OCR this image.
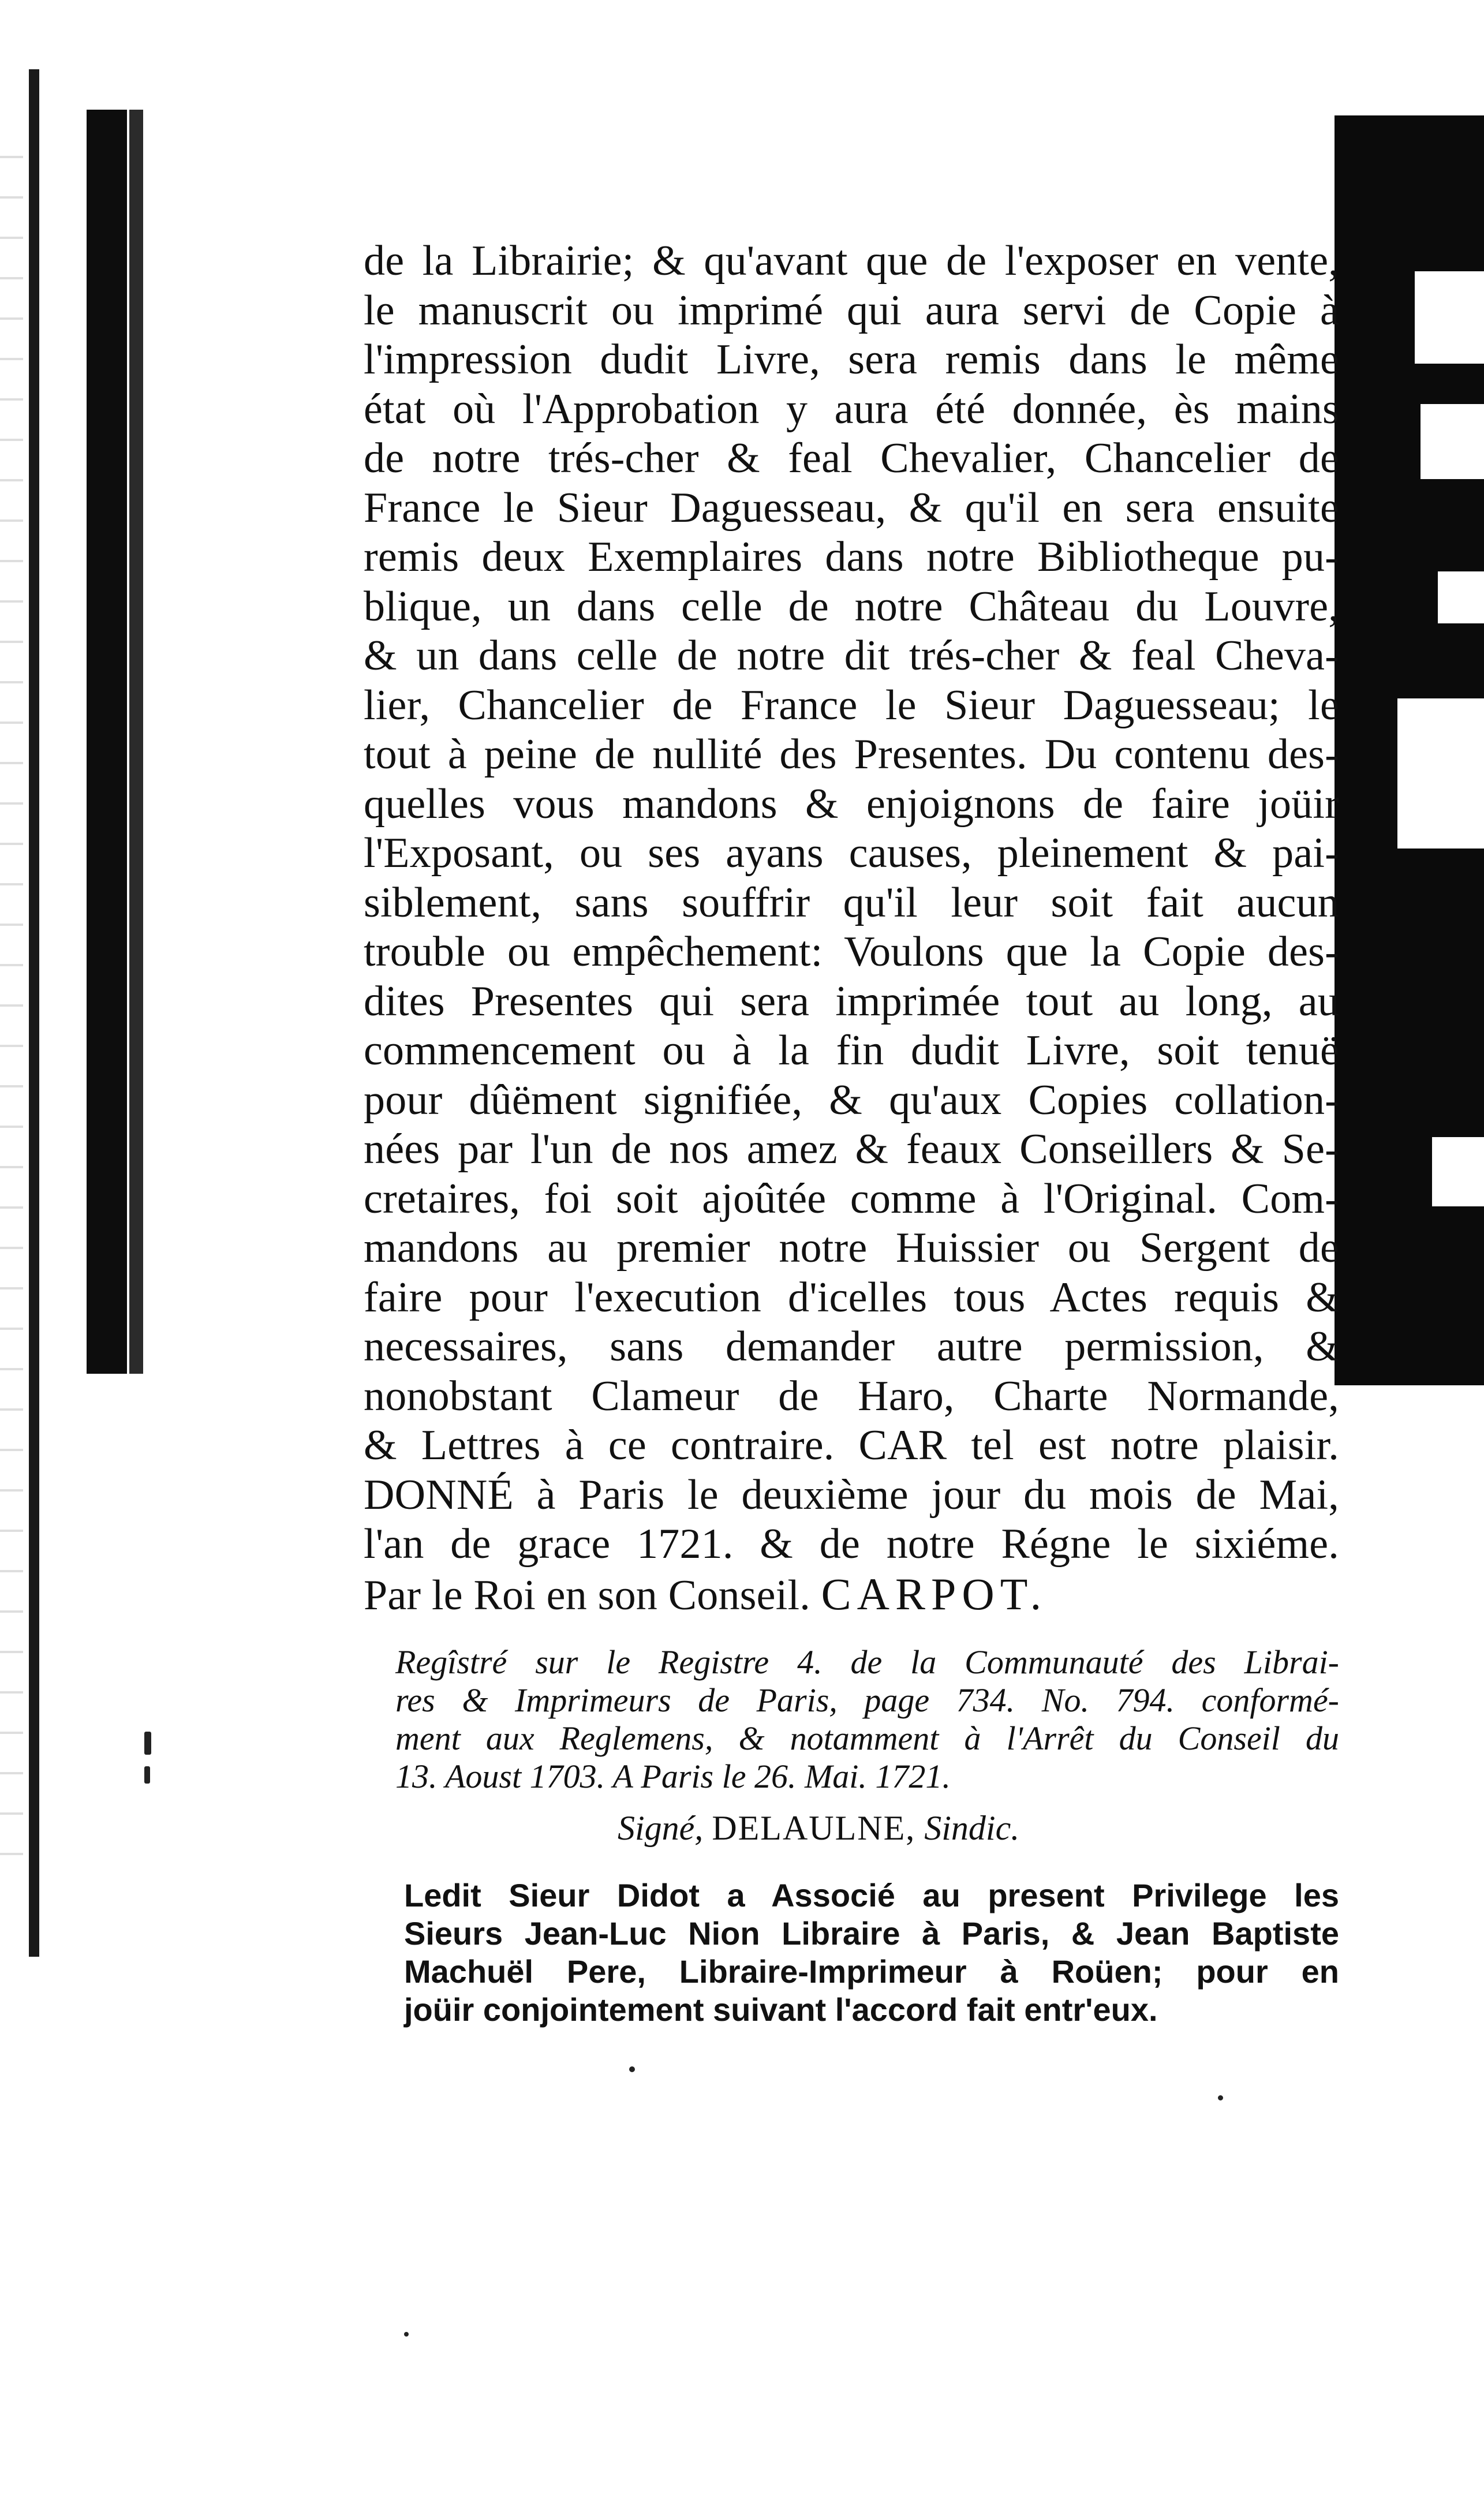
de la Librairie; & qu'avant que de l'exposer en vente,

le manuscrit ou imprimé qui aura servi de Copie à

l'impression dudit Livre, sera remis dans le même

état où l'Approbation y aura été donnée, ès mains

de notre trés-cher & feal Chevalier, Chancelier de

France le Sieur Daguesseau, & qu'il en sera ensuite

remis deux Exemplaires dans notre Bibliotheque pu-

blique, un dans celle de notre Château du Louvre,

& un dans celle de notre dit trés-cher & feal Cheva-

lier, Chancelier de France le Sieur Daguesseau; le

tout à peine de nullité des Presentes. Du contenu des-

quelles vous mandons & enjoignons de faire joüir

l'Exposant, ou ses ayans causes, pleinement & pai-

siblement, sans souffrir qu'il leur soit fait aucun

trouble ou empêchement: Voulons que la Copie des-

dites Presentes qui sera imprimée tout au long, au

commencement ou à la fin dudit Livre, soit tenuë

pour dûëment signifiée, & qu'aux Copies collation-

nées par l'un de nos amez & feaux Conseillers & Se-

cretaires, foi soit ajoûtée comme à l'Original. Com-

mandons au premier notre Huissier ou Sergent de

faire pour l'execution d'icelles tous Actes requis &

necessaires, sans demander autre permission, &

nonobstant Clameur de Haro, Charte Normande,

& Lettres à ce contraire. CAR tel est notre plaisir.

DONNÉ à Paris le deuxième jour du mois de Mai,

l'an de grace 1721. & de notre Régne le sixiéme.

Par le Roi en son Conseil. CARPOT.

Regîstré sur le Registre 4. de la Communauté des Librai-

res & Imprimeurs de Paris, page 734. No. 794. conformé-

ment aux Reglemens, & notamment à l'Arrêt du Conseil du

13. Aoust 1703. A Paris le 26. Mai. 1721.

Signé, DELAULNE, Sindic.

Ledit Sieur Didot a Associé au present Privilege les

Sieurs Jean-Luc Nion Libraire à Paris, & Jean Baptiste

Machuël Pere, Libraire-Imprimeur à Roüen; pour en

joüir conjointement suivant l'accord fait entr'eux.
